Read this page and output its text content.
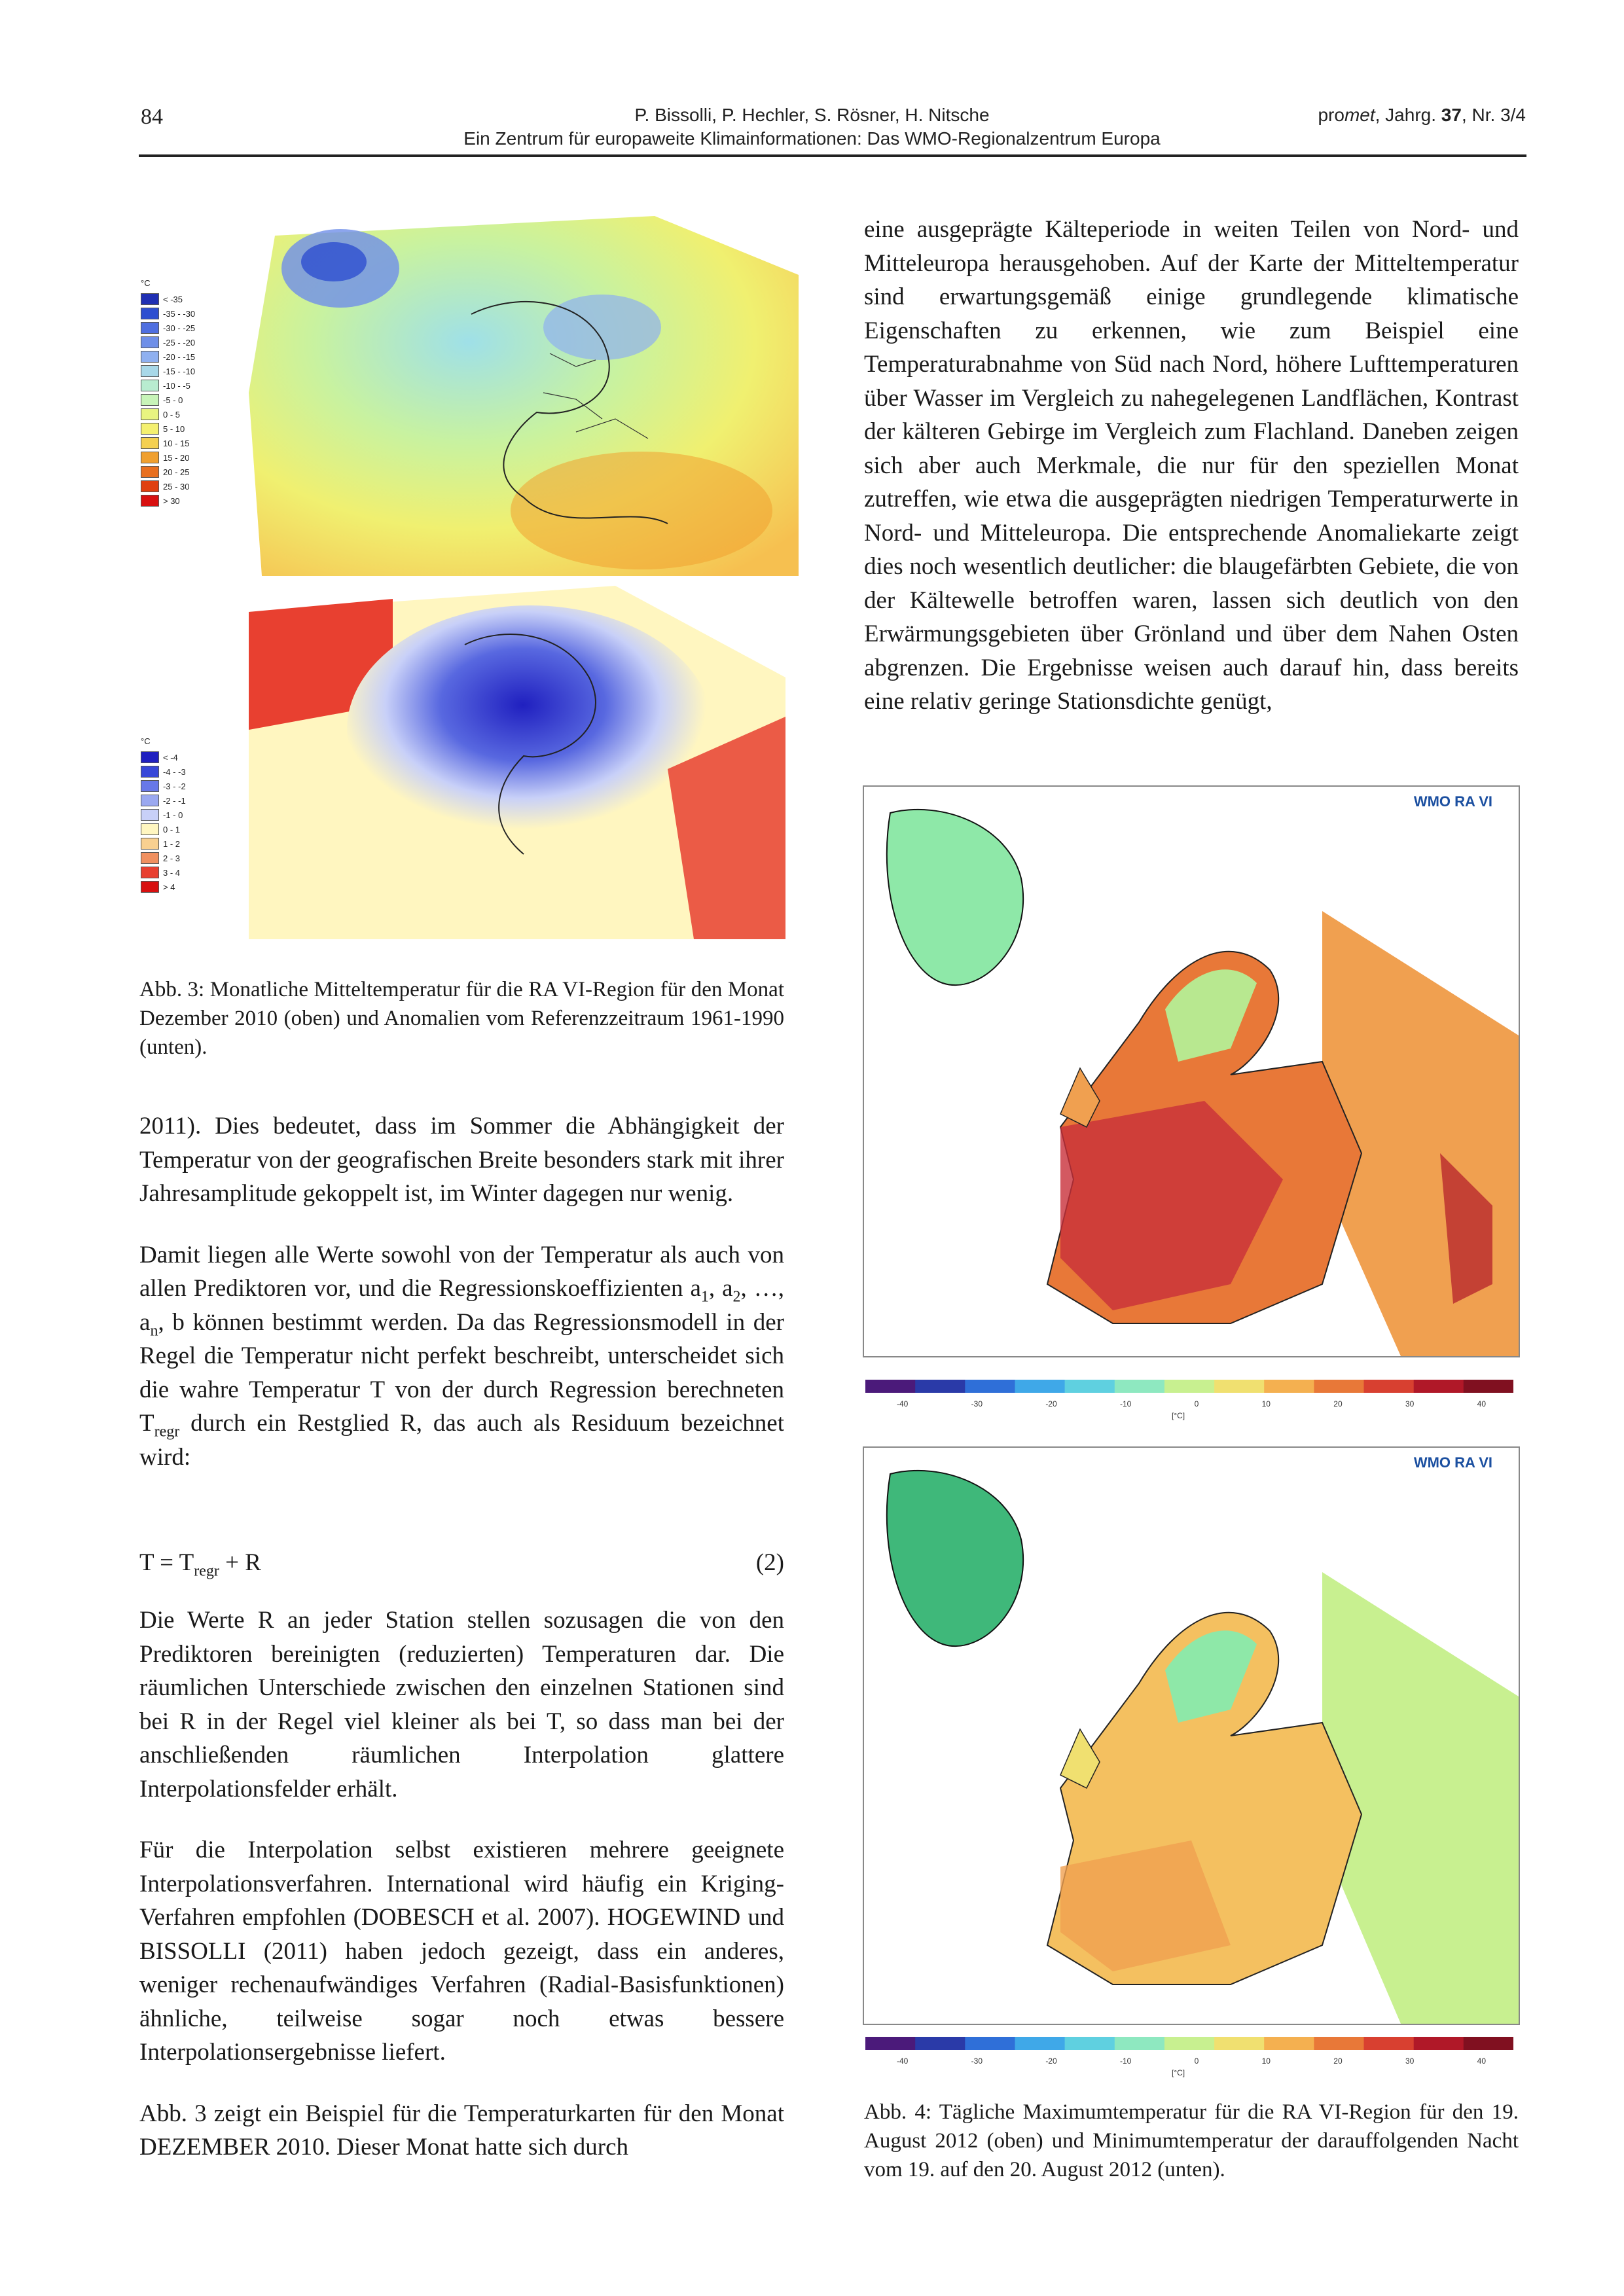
84	P. Bissolli, P. Hechler, S. Rösner, H. Nitsche
Ein Zentrum für europaweite Klimainformationen: Das WMO-Regionalzentrum Europa
promet, Jahrg. 37, Nr. 3/4
°C
< -35
-35 - -30
-30 - -25
-25 - -20
-20 - -15
-15 - -10
-10 - -5
-5 - 0
0 - 5
5 - 10
10 - 15
15 - 20
20 - 25
25 - 30
> 30
°C
< -4
-4 - -3
-3 - -2
-2 - -1
-1 - 0
0 - 1
1 - 2
2 - 3
3 - 4
> 4
Abb. 3: Monatliche Mitteltemperatur für die RA VI-Region für den Monat Dezember 2010 (oben) und Anomalien vom Referenzzeitraum 1961-1990 (unten).

2011). Dies bedeutet, dass im Sommer die Abhängigkeit der Temperatur von der geografischen Breite besonders stark mit ihrer Jahresamplitude gekoppelt ist, im Winter dagegen nur wenig.

Damit liegen alle Werte sowohl von der Temperatur als auch von allen Prediktoren vor, und die Regressionskoeffizienten $a_1$, $a_2$, …, $a_n$, b können bestimmt werden. Da das Regressionsmodell in der Regel die Temperatur nicht perfekt beschreibt, unterscheidet sich die wahre Temperatur T von der durch Regression berechneten $T_{regr}$ durch ein Restglied R, das auch als Residuum bezeichnet wird:

$T = T_{regr} + R$	(2)

Die Werte R an jeder Station stellen sozusagen die von den Prediktoren bereinigten (reduzierten) Temperaturen dar. Die räumlichen Unterschiede zwischen den einzelnen Stationen sind bei R in der Regel viel kleiner als bei T, so dass man bei der anschließenden räumlichen Interpolation glattere Interpolationsfelder erhält.

Für die Interpolation selbst existieren mehrere geeignete Interpolationsverfahren. International wird häufig ein Kriging-Verfahren empfohlen (DOBESCH et al. 2007). HOGEWIND und BISSOLLI (2011) haben jedoch gezeigt, dass ein anderes, weniger rechenaufwändiges Verfahren (Radial-Basisfunktionen) ähnliche, teilweise sogar noch etwas bessere Interpolationsergebnisse liefert.

Abb. 3 zeigt ein Beispiel für die Temperaturkarten für den Monat DEZEMBER 2010. Dieser Monat hatte sich durch

eine ausgeprägte Kälteperiode in weiten Teilen von Nord- und Mitteleuropa herausgehoben. Auf der Karte der Mitteltemperatur sind erwartungsgemäß einige grundlegende klimatische Eigenschaften zu erkennen, wie zum Beispiel eine Temperaturabnahme von Süd nach Nord, höhere Lufttemperaturen über Wasser im Vergleich zu nahegelegenen Landflächen, Kontrast der kälteren Gebirge im Vergleich zum Flachland. Daneben zeigen sich aber auch Merkmale, die nur für den speziellen Monat zutreffen, wie etwa die ausgeprägten niedrigen Temperaturwerte in Nord- und Mitteleuropa. Die entsprechende Anomaliekarte zeigt dies noch wesentlich deutlicher: die blaugefärbten Gebiete, die von der Kältewelle betroffen waren, lassen sich deutlich von den Erwärmungsgebieten über Grönland und über dem Nahen Osten abgrenzen. Die Ergebnisse weisen auch darauf hin, dass bereits eine relativ geringe Stationsdichte genügt,

WMO RA VI
-40	-30	-20	-10	0	10	20	30	40
[°C]
WMO RA VI
-40	-30	-20	-10	0	10	20	30	40
[°C]
Abb. 4: Tägliche Maximumtemperatur für die RA VI-Region für den 19. August 2012 (oben) und Minimumtemperatur der darauffolgenden Nacht vom 19. auf den 20. August 2012 (unten).
